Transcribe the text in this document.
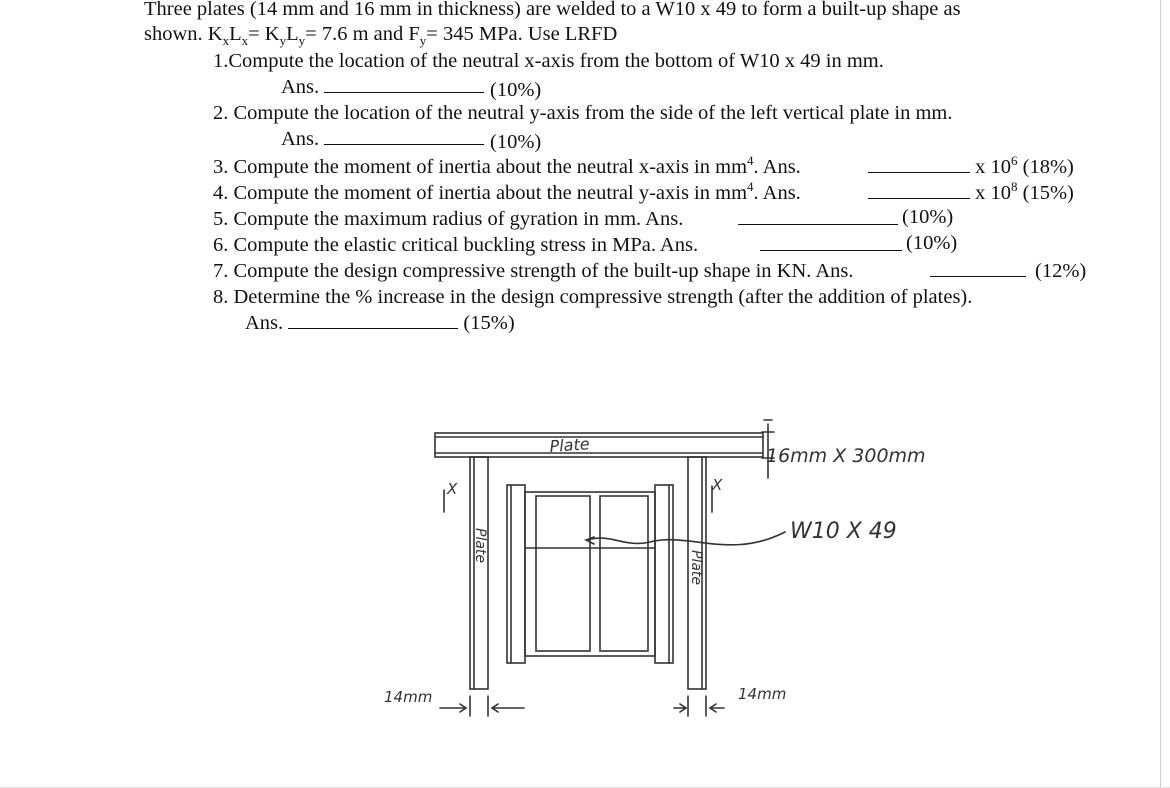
Three plates (14 mm and 16 mm in thickness) are welded to a W10 x 49 to form a built-up shape as
shown. $K_xL_x= K_yL_y= 7.6$ m and $F_y= 345$ MPa. Use LRFD
1.Compute the location of the neutral x-axis from the bottom of W10 x 49 in mm.
Ans.	(10%)
2. Compute the location of the neutral y-axis from the side of the left vertical plate in mm.
Ans.	(10%)
3. Compute the moment of inertia about the neutral x-axis in $mm^4$. Ans.	x $10^6$ (18%)
4. Compute the moment of inertia about the neutral y-axis in $mm^4$. Ans.	x $10^8$ (15%)
5. Compute the maximum radius of gyration in mm. Ans.	(10%)
6. Compute the elastic critical buckling stress in MPa. Ans.	(10%)
7. Compute the design compressive strength of the built-up shape in KN. Ans.	(12%)
8. Determine the % increase in the design compressive strength (after the addition of plates).
Ans.	(15%)
Plate	16mm X 300mm
W10 X 49
Plate
Plate
14mm	14mm
X	X
